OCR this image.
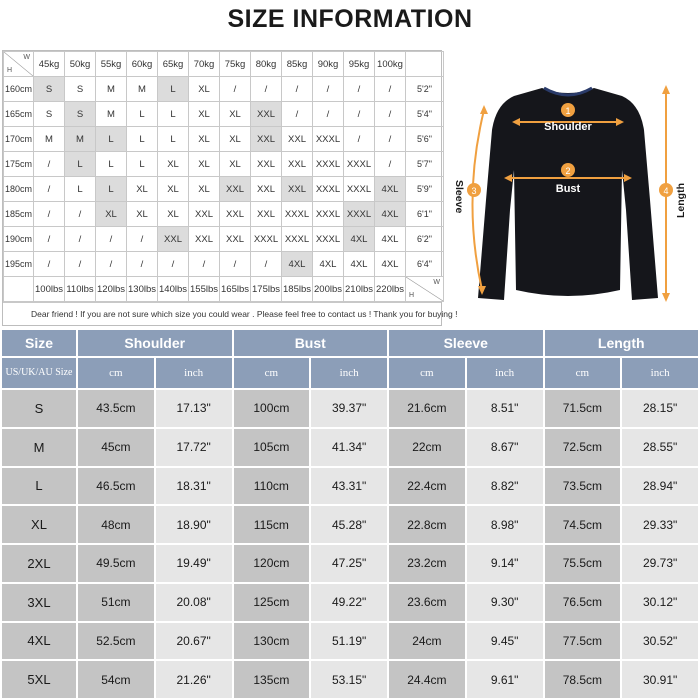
SIZE INFORMATION
W
H	45kg	50kg	55kg	60kg	65kg	70kg	75kg	80kg	85kg	90kg	95kg	100kg	
160cm	S	S	M	M	L	XL	/	/	/	/	/	/	5'2"
165cm	S	S	M	L	L	XL	XL	XXL	/	/	/	/	5'4"
170cm	M	M	L	L	L	XL	XL	XXL	XXL	XXXL	/	/	5'6"
175cm	/	L	L	L	XL	XL	XL	XXL	XXL	XXXL	XXXL	/	5'7"
180cm	/	L	L	XL	XL	XL	XXL	XXL	XXL	XXXL	XXXL	4XL	5'9"
185cm	/	/	XL	XL	XL	XXL	XXL	XXL	XXXL	XXXL	XXXL	4XL	6'1"
190cm	/	/	/	/	XXL	XXL	XXL	XXXL	XXXL	XXXL	4XL	4XL	6'2"
195cm	/	/	/	/	/	/	/	/	4XL	4XL	4XL	4XL	6'4"
	100lbs	110lbs	120lbs	130lbs	140lbs	155lbs	165lbs	175lbs	185lbs	200lbs	210lbs	220lbs	H
W
Dear friend ! If you are not sure which size you could wear . Please feel free to contact us ! Thank you for buying !
1
2
3	4
Shoulder
Bust
Sleeve	Length
Size	Shoulder		Bust		Sleeve		Length	
US/UK/AU Size	cm	inch	cm	inch	cm	inch	cm	inch
S	43.5cm	17.13"	100cm	39.37"	21.6cm	8.51"	71.5cm	28.15"
M	45cm	17.72"	105cm	41.34"	22cm	8.67"	72.5cm	28.55"
L	46.5cm	18.31"	110cm	43.31"	22.4cm	8.82"	73.5cm	28.94"
XL	48cm	18.90"	115cm	45.28"	22.8cm	8.98"	74.5cm	29.33"
2XL	49.5cm	19.49"	120cm	47.25"	23.2cm	9.14"	75.5cm	29.73"
3XL	51cm	20.08"	125cm	49.22"	23.6cm	9.30"	76.5cm	30.12"
4XL	52.5cm	20.67"	130cm	51.19"	24cm	9.45"	77.5cm	30.52"
5XL	54cm	21.26"	135cm	53.15"	24.4cm	9.61"	78.5cm	30.91"
